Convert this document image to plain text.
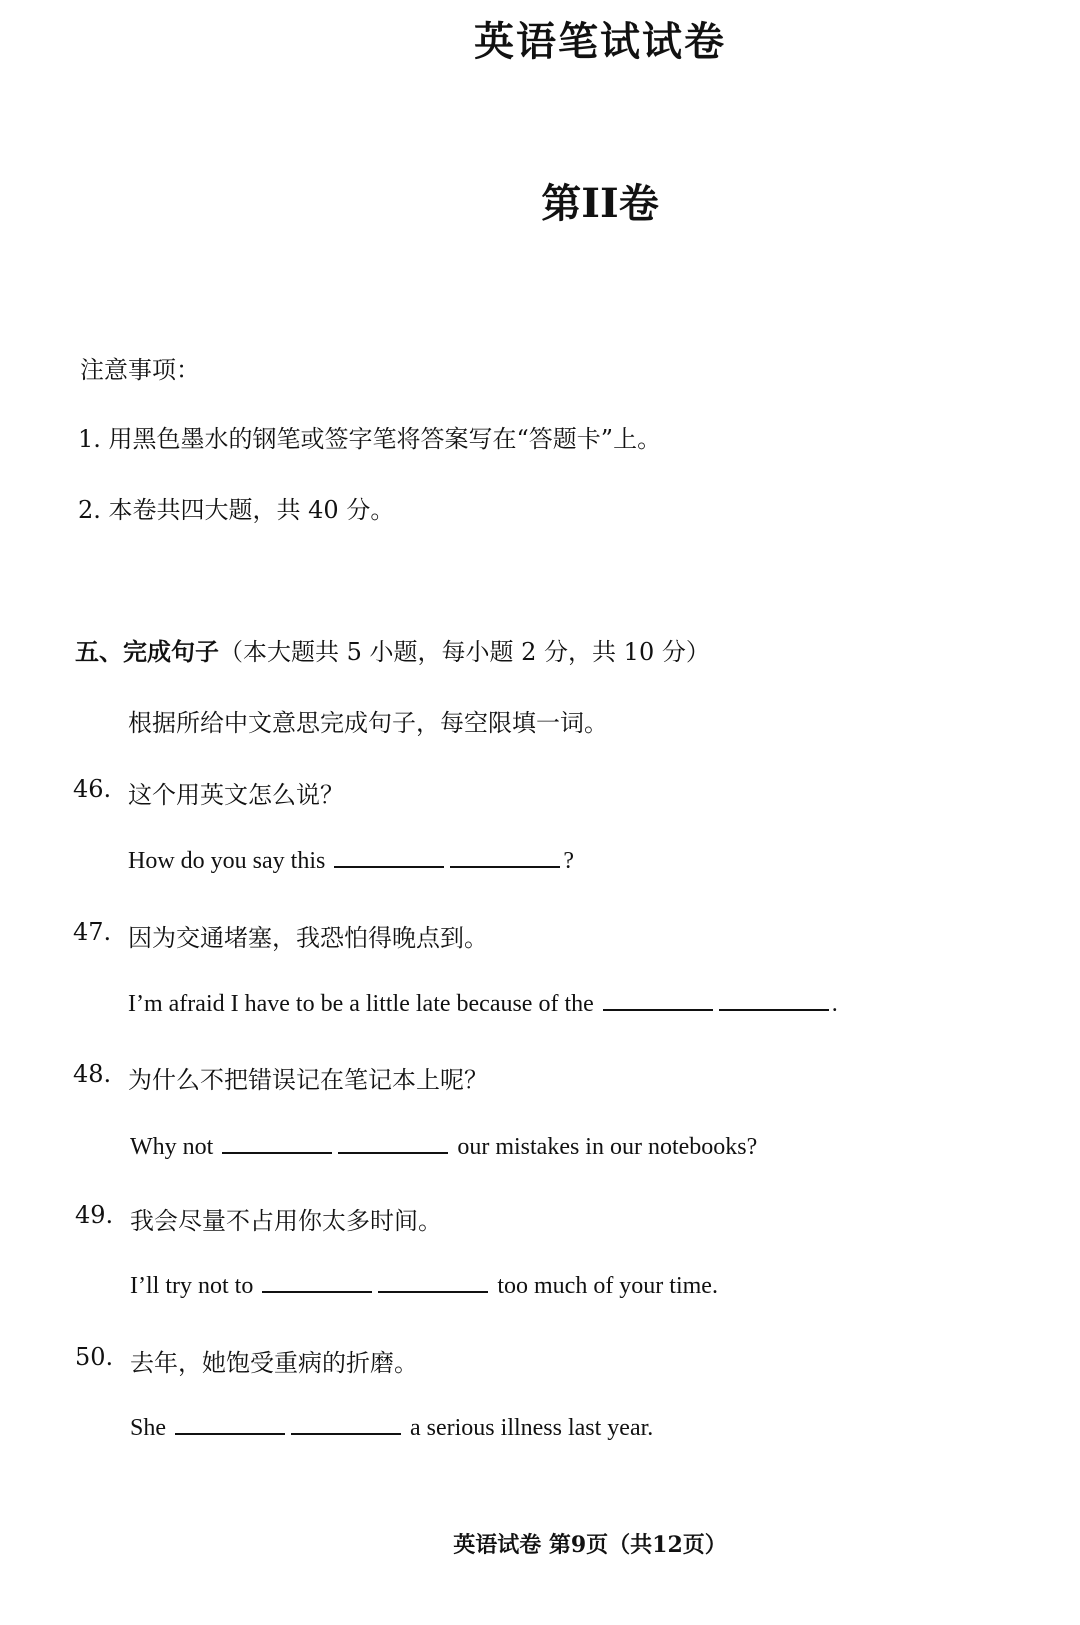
英语笔试试卷
第II卷
注意事项：
1. 用黑色墨水的钢笔或签字笔将答案写在“答题卡”上。
2. 本卷共四大题，共 40 分。
五、完成句子（本大题共 5 小题，每小题 2 分，共 10 分）
根据所给中文意思完成句子，每空限填一词。
46. 这个用英文怎么说？
How do you say this	?
47. 因为交通堵塞，我恐怕得晚点到。
I’m afraid I have to be a little late because of the	.
48. 为什么不把错误记在笔记本上呢？
Why not	our mistakes in our notebooks?
49. 我会尽量不占用你太多时间。
I’ll try not to	too much of your time.
50. 去年，她饱受重病的折磨。
She	a serious illness last year.
英语试卷 第9页（共12页）
